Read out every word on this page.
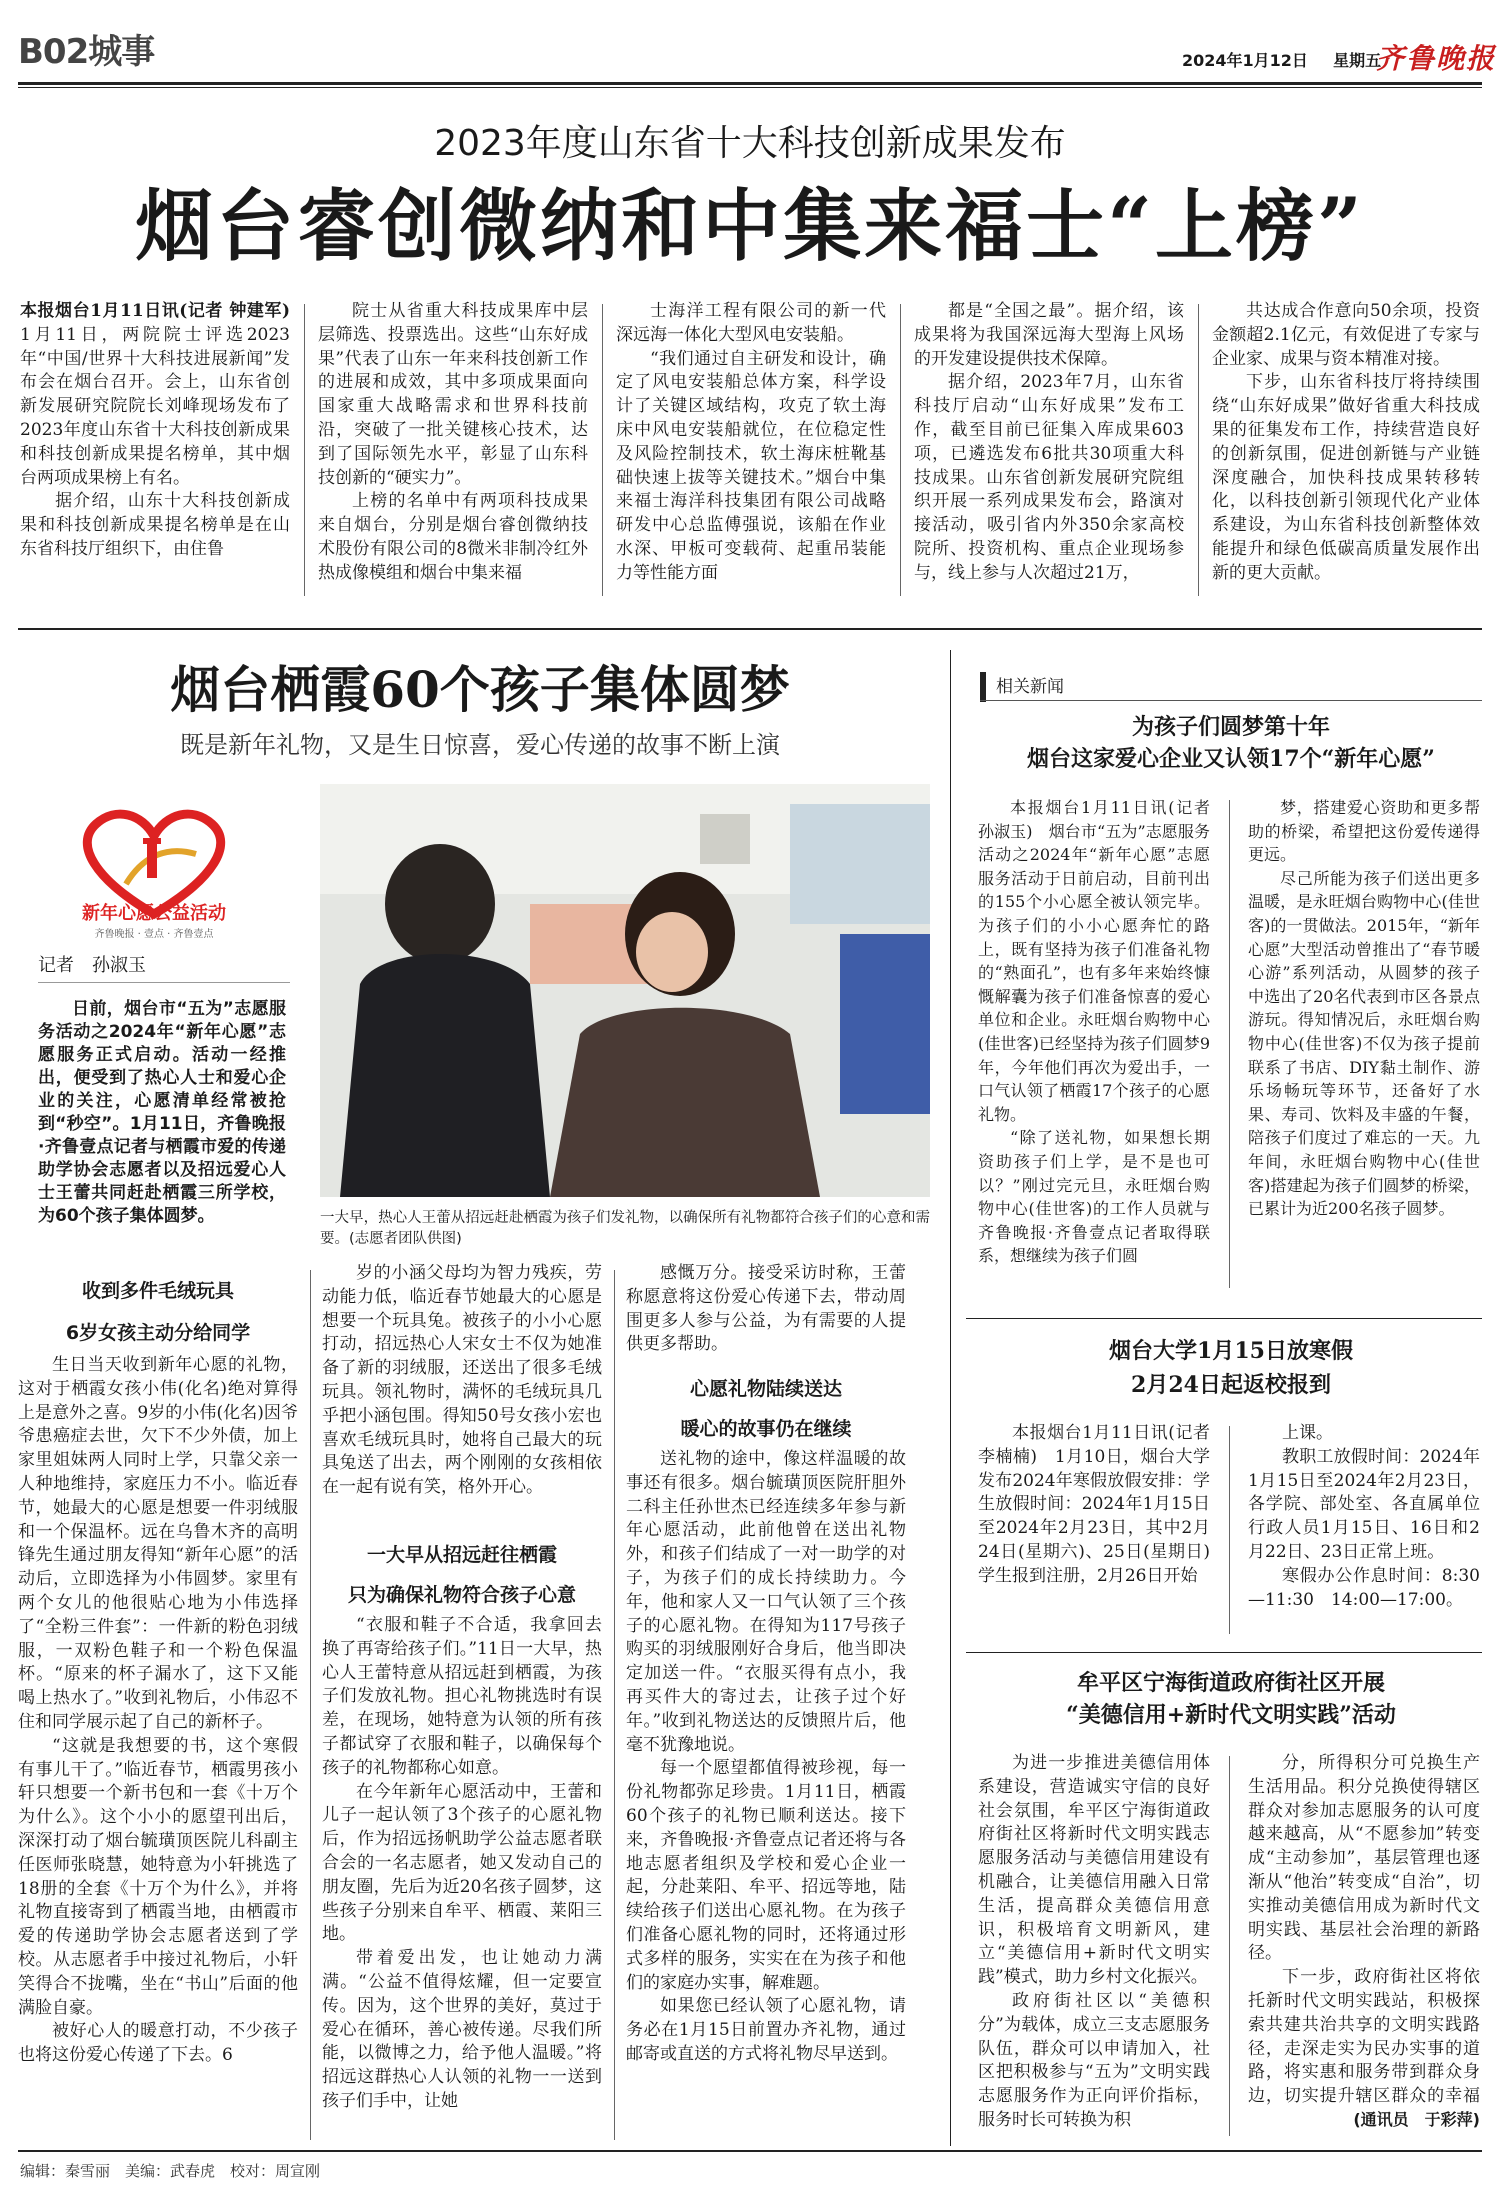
B02城事	2024年1月12日 星期五
齐鲁晚报
2023年度山东省十大科技创新成果发布
烟台睿创微纳和中集来福士“上榜”
本报烟台1月11日讯(记者 钟建军) 1月11日，两院院士评选2023年“中国/世界十大科技进展新闻”发布会在烟台召开。会上，山东省创新发展研究院院长刘峰现场发布了2023年度山东省十大科技创新成果和科技创新成果提名榜单，其中烟台两项成果榜上有名。
据介绍，山东十大科技创新成果和科技创新成果提名榜单是在山东省科技厅组织下，由住鲁

院士从省重大科技成果库中层层筛选、投票选出。这些“山东好成果”代表了山东一年来科技创新工作的进展和成效，其中多项成果面向国家重大战略需求和世界科技前沿，突破了一批关键核心技术，达到了国际领先水平，彰显了山东科技创新的“硬实力”。

上榜的名单中有两项科技成果来自烟台，分别是烟台睿创微纳技术股份有限公司的8微米非制冷红外热成像模组和烟台中集来福

士海洋工程有限公司的新一代深远海一体化大型风电安装船。

“我们通过自主研发和设计，确定了风电安装船总体方案，科学设计了关键区域结构，攻克了软土海床中风电安装船就位，在位稳定性及风险控制技术，软土海床桩靴基础快速上拔等关键技术。”烟台中集来福士海洋科技集团有限公司战略研发中心总监傅强说，该船在作业水深、甲板可变载荷、起重吊装能力等性能方面

都是“全国之最”。据介绍，该成果将为我国深远海大型海上风场的开发建设提供技术保障。

据介绍，2023年7月，山东省科技厅启动“山东好成果”发布工作，截至目前已征集入库成果603项，已遴选发布6批共30项重大科技成果。山东省创新发展研究院组织开展一系列成果发布会，路演对接活动，吸引省内外350余家高校院所、投资机构、重点企业现场参与，线上参与人次超过21万，

共达成合作意向50余项，投资金额超2.1亿元，有效促进了专家与企业家、成果与资本精准对接。

下步，山东省科技厅将持续围绕“山东好成果”做好省重大科技成果的征集发布工作，持续营造良好的创新氛围，促进创新链与产业链深度融合，加快科技成果转移转化，以科技创新引领现代化产业体系建设，为山东省科技创新整体效能提升和绿色低碳高质量发展作出新的更大贡献。

烟台栖霞60个孩子集体圆梦
既是新年礼物，又是生日惊喜，爱心传递的故事不断上演
新年心愿公益活动
齐鲁晚报 · 壹点 · 齐鲁壹点
记者　孙淑玉

日前，烟台市“五为”志愿服务活动之2024年“新年心愿”志愿服务正式启动。活动一经推出，便受到了热心人士和爱心企业的关注，心愿清单经常被抢到“秒空”。1月11日，齐鲁晚报·齐鲁壹点记者与栖霞市爱的传递助学协会志愿者以及招远爱心人士王蕾共同赶赴栖霞三所学校，为60个孩子集体圆梦。	一大早，热心人王蕾从招远赶赴栖霞为孩子们发礼物，以确保所有礼物都符合孩子们的心意和需要。(志愿者团队供图)
收到多件毛绒玩具
6岁女孩主动分给同学

生日当天收到新年心愿的礼物，这对于栖霞女孩小伟(化名)绝对算得上是意外之喜。9岁的小伟(化名)因爷爷患癌症去世，欠下不少外债，加上家里姐妹两人同时上学，只靠父亲一人种地维持，家庭压力不小。临近春节，她最大的心愿是想要一件羽绒服和一个保温杯。远在乌鲁木齐的高明锋先生通过朋友得知“新年心愿”的活动后，立即选择为小伟圆梦。家里有两个女儿的他很贴心地为小伟选择了“全粉三件套”：一件新的粉色羽绒服，一双粉色鞋子和一个粉色保温杯。“原来的杯子漏水了，这下又能喝上热水了。”收到礼物后，小伟忍不住和同学展示起了自己的新杯子。

“这就是我想要的书，这个寒假有事儿干了。”临近春节，栖霞男孩小轩只想要一个新书包和一套《十万个为什么》。这个小小的愿望刊出后，深深打动了烟台毓璜顶医院儿科副主任医师张晓慧，她特意为小轩挑选了18册的全套《十万个为什么》，并将礼物直接寄到了栖霞当地，由栖霞市爱的传递助学协会志愿者送到了学校。从志愿者手中接过礼物后，小轩笑得合不拢嘴，坐在“书山”后面的他满脸自豪。

被好心人的暖意打动，不少孩子也将这份爱心传递了下去。6

岁的小涵父母均为智力残疾，劳动能力低，临近春节她最大的心愿是想要一个玩具兔。被孩子的小小心愿打动，招远热心人宋女士不仅为她准备了新的羽绒服，还送出了很多毛绒玩具。领礼物时，满怀的毛绒玩具几乎把小涵包围。得知50号女孩小宏也喜欢毛绒玩具时，她将自己最大的玩具兔送了出去，两个刚刚的女孩相依在一起有说有笑，格外开心。

一大早从招远赶往栖霞
只为确保礼物符合孩子心意

“衣服和鞋子不合适，我拿回去换了再寄给孩子们。”11日一大早，热心人王蕾特意从招远赶到栖霞，为孩子们发放礼物。担心礼物挑选时有误差，在现场，她特意为认领的所有孩子都试穿了衣服和鞋子，以确保每个孩子的礼物都称心如意。

在今年新年心愿活动中，王蕾和儿子一起认领了3个孩子的心愿礼物后，作为招远扬帆助学公益志愿者联合会的一名志愿者，她又发动自己的朋友圈，先后为近20名孩子圆梦，这些孩子分别来自牟平、栖霞、莱阳三地。

带着爱出发，也让她动力满满。“公益不值得炫耀，但一定要宣传。因为，这个世界的美好，莫过于爱心在循环，善心被传递。尽我们所能，以微博之力，给予他人温暖。”将招远这群热心人认领的礼物一一送到孩子们手中，让她

感慨万分。接受采访时称，王蕾称愿意将这份爱心传递下去，带动周围更多人参与公益，为有需要的人提供更多帮助。

心愿礼物陆续送达
暖心的故事仍在继续

送礼物的途中，像这样温暖的故事还有很多。烟台毓璜顶医院肝胆外二科主任孙世杰已经连续多年参与新年心愿活动，此前他曾在送出礼物外，和孩子们结成了一对一助学的对子，为孩子们的成长持续助力。今年，他和家人又一口气认领了三个孩子的心愿礼物。在得知为117号孩子购买的羽绒服刚好合身后，他当即决定加送一件。“衣服买得有点小，我再买件大的寄过去，让孩子过个好年。”收到礼物送达的反馈照片后，他毫不犹豫地说。

每一个愿望都值得被珍视，每一份礼物都弥足珍贵。1月11日，栖霞60个孩子的礼物已顺利送达。接下来，齐鲁晚报·齐鲁壹点记者还将与各地志愿者组织及学校和爱心企业一起，分赴莱阳、牟平、招远等地，陆续给孩子们送出心愿礼物。在为孩子们准备心愿礼物的同时，还将通过形式多样的服务，实实在在为孩子和他们的家庭办实事，解难题。

如果您已经认领了心愿礼物，请务必在1月15日前置办齐礼物，通过邮寄或直送的方式将礼物尽早送到。

相关新闻
为孩子们圆梦第十年
烟台这家爱心企业又认领17个“新年心愿”

本报烟台1月11日讯(记者　孙淑玉)　烟台市“五为”志愿服务活动之2024年“新年心愿”志愿服务活动于日前启动，目前刊出的155个小心愿全被认领完毕。为孩子们的小小心愿奔忙的路上，既有坚持为孩子们准备礼物的“熟面孔”，也有多年来始终慷慨解囊为孩子们准备惊喜的爱心单位和企业。永旺烟台购物中心(佳世客)已经坚持为孩子们圆梦9年，今年他们再次为爱出手，一口气认领了栖霞17个孩子的心愿礼物。

“除了送礼物，如果想长期资助孩子们上学，是不是也可以？”刚过完元旦，永旺烟台购物中心(佳世客)的工作人员就与齐鲁晚报·齐鲁壹点记者取得联系，想继续为孩子们圆

梦，搭建爱心资助和更多帮助的桥梁，希望把这份爱传递得更远。

尽己所能为孩子们送出更多温暖，是永旺烟台购物中心(佳世客)的一贯做法。2015年，“新年心愿”大型活动曾推出了“春节暖心游”系列活动，从圆梦的孩子中选出了20名代表到市区各景点游玩。得知情况后，永旺烟台购物中心(佳世客)不仅为孩子提前联系了书店、DIY黏土制作、游乐场畅玩等环节，还备好了水果、寿司、饮料及丰盛的午餐，陪孩子们度过了难忘的一天。九年间，永旺烟台购物中心(佳世客)搭建起为孩子们圆梦的桥梁，已累计为近200名孩子圆梦。

烟台大学1月15日放寒假
2月24日起返校报到

本报烟台1月11日讯(记者　李楠楠)　1月10日，烟台大学发布2024年寒假放假安排：学生放假时间：2024年1月15日至2024年2月23日，其中2月24日(星期六)、25日(星期日)学生报到注册，2月26日开始

上课。

教职工放假时间：2024年1月15日至2024年2月23日，各学院、部处室、各直属单位行政人员1月15日、16日和2月22日、23日正常上班。

寒假办公作息时间：8:30—11:30　14:00—17:00。

牟平区宁海街道政府街社区开展
“美德信用+新时代文明实践”活动

为进一步推进美德信用体系建设，营造诚实守信的良好社会氛围，牟平区宁海街道政府街社区将新时代文明实践志愿服务活动与美德信用建设有机融合，让美德信用融入日常生活，提高群众美德信用意识，积极培育文明新风，建立“美德信用+新时代文明实践”模式，助力乡村文化振兴。

政府街社区以“美德积分”为载体，成立三支志愿服务队伍，群众可以申请加入，社区把积极参与“五为”文明实践志愿服务作为正向评价指标，服务时长可转换为积

分，所得积分可兑换生产生活用品。积分兑换使得辖区群众对参加志愿服务的认可度越来越高，从“不愿参加”转变成“主动参加”，基层管理也逐渐从“他治”转变成“自治”，切实推动美德信用成为新时代文明实践、基层社会治理的新路径。

下一步，政府街社区将依托新时代文明实践站，积极探索共建共治共享的文明实践路径，走深走实为民办实事的道路，将实惠和服务带到群众身边，切实提升辖区群众的幸福

(通讯员　于彩萍)
编辑：秦雪丽　美编：武春虎　校对：周宣刚
